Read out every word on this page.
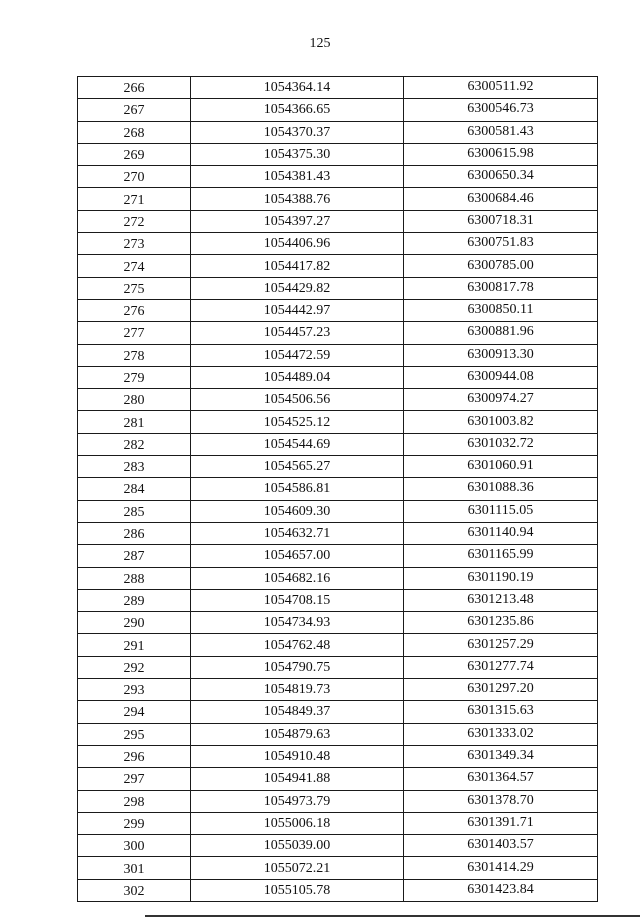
125
266	1054364.14	6300511.92
267	1054366.65	6300546.73
268	1054370.37	6300581.43
269	1054375.30	6300615.98
270	1054381.43	6300650.34
271	1054388.76	6300684.46
272	1054397.27	6300718.31
273	1054406.96	6300751.83
274	1054417.82	6300785.00
275	1054429.82	6300817.78
276	1054442.97	6300850.11
277	1054457.23	6300881.96
278	1054472.59	6300913.30
279	1054489.04	6300944.08
280	1054506.56	6300974.27
281	1054525.12	6301003.82
282	1054544.69	6301032.72
283	1054565.27	6301060.91
284	1054586.81	6301088.36
285	1054609.30	6301115.05
286	1054632.71	6301140.94
287	1054657.00	6301165.99
288	1054682.16	6301190.19
289	1054708.15	6301213.48
290	1054734.93	6301235.86
291	1054762.48	6301257.29
292	1054790.75	6301277.74
293	1054819.73	6301297.20
294	1054849.37	6301315.63
295	1054879.63	6301333.02
296	1054910.48	6301349.34
297	1054941.88	6301364.57
298	1054973.79	6301378.70
299	1055006.18	6301391.71
300	1055039.00	6301403.57
301	1055072.21	6301414.29
302	1055105.78	6301423.84
